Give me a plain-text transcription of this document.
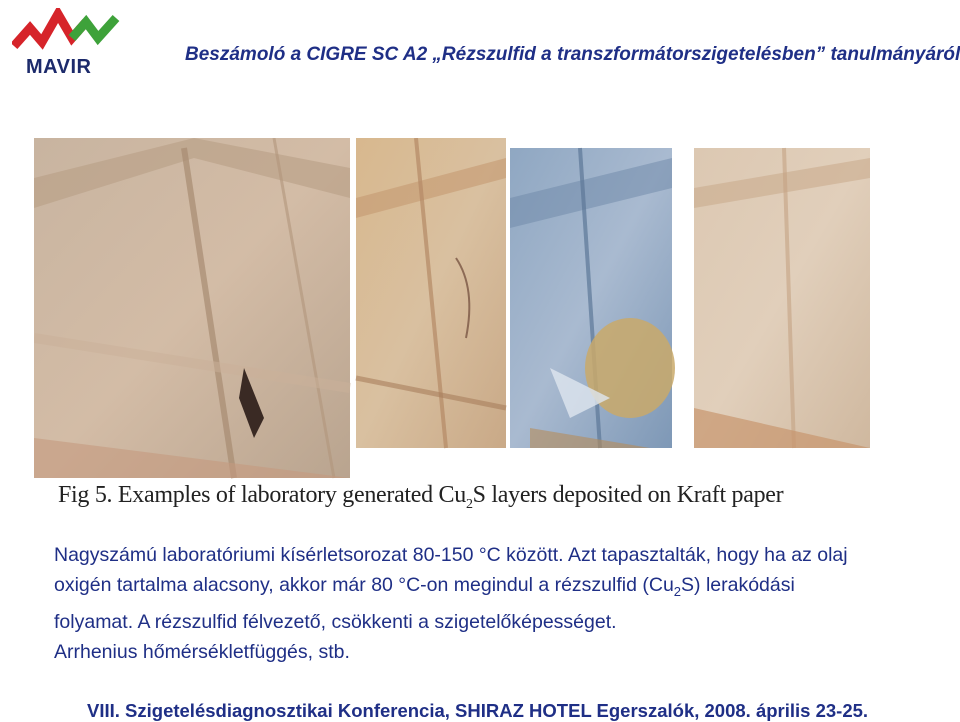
MAVIR
Beszámoló a CIGRE SC A2 „Rézszulfid a transzformátorszigetelésben” tanulmányáról
Fig 5. Examples of laboratory generated $Cu_2S$ layers deposited on Kraft paper

Nagyszámú laboratóriumi kísérletsorozat 80-150 °C között. Azt tapasztalták, hogy ha az olaj

oxigén tartalma alacsony, akkor már 80 °C-on megindul a rézszulfid $(Cu_2S)$ lerakódási

folyamat. A rézszulfid félvezető, csökkenti a szigetelőképességet.

Arrhenius hőmérsékletfüggés, stb.

VIII. Szigetelésdiagnosztikai Konferencia, SHIRAZ HOTEL Egerszalók, 2008. április 23-25.
